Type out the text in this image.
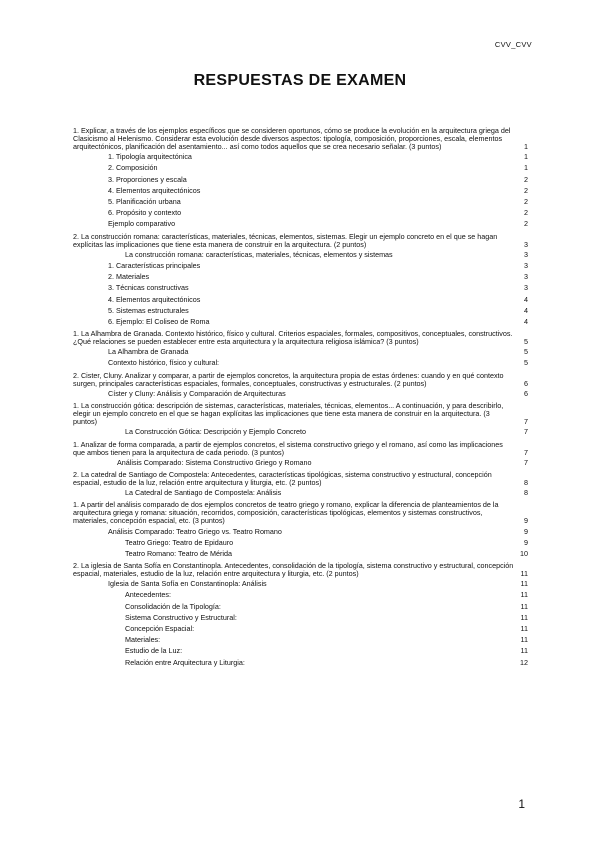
CVV_CVV
RESPUESTAS DE EXAMEN
1. Explicar, a través de los ejemplos específicos que se consideren oportunos, cómo se produce la evolución en la arquitectura griega del Clasicismo al Helenismo. Considerar esta evolución desde diversos aspectos: tipología, composición, proporciones, escala, elementos arquitectónicos, planificación del asentamiento... así como todos aquellos que se crea necesario señalar. (3 puntos)	1
1. Tipología arquitectónica	1
2. Composición	1
3. Proporciones y escala	2
4. Elementos arquitectónicos	2
5. Planificación urbana	2
6. Propósito y contexto	2
Ejemplo comparativo	2
2. La construcción romana: características, materiales, técnicas, elementos, sistemas. Elegir un ejemplo concreto en el que se hagan explícitas las implicaciones que tiene esta manera de construir en la arquitectura. (2 puntos)	3
La construcción romana: características, materiales, técnicas, elementos y sistemas	3
1. Características principales	3
2. Materiales	3
3. Técnicas constructivas	3
4. Elementos arquitectónicos	4
5. Sistemas estructurales	4
6. Ejemplo: El Coliseo de Roma	4
1. La Alhambra de Granada. Contexto histórico, físico y cultural. Criterios espaciales, formales, compositivos, conceptuales, constructivos. ¿Qué relaciones se pueden establecer entre esta arquitectura y la arquitectura religiosa islámica? (3 puntos)	5
La Alhambra de Granada	5
Contexto histórico, físico y cultural:	5
2. Cister, Cluny. Analizar y comparar, a partir de ejemplos concretos, la arquitectura propia de estas órdenes: cuando y en qué contexto surgen, principales características espaciales, formales, conceptuales, constructivas y estructurales. (2 puntos)	6
Císter y Cluny: Análisis y Comparación de Arquitecturas	6
1. La construcción gótica: descripción de sistemas, características, materiales, técnicas, elementos... A continuación, y para describirlo, elegir un ejemplo concreto en el que se hagan explícitas las implicaciones que tiene esta manera de construir en la arquitectura. (3 puntos)	7
La Construcción Gótica: Descripción y Ejemplo Concreto	7
1. Analizar de forma comparada, a partir de ejemplos concretos, el sistema constructivo griego y el romano, así como las implicaciones que ambos tienen para la arquitectura de cada periodo. (3 puntos)	7
Análisis Comparado: Sistema Constructivo Griego y Romano	7
2. La catedral de Santiago de Compostela: Antecedentes, características tipológicas, sistema constructivo y estructural, concepción espacial, estudio de la luz, relación entre arquitectura y liturgia, etc. (2 puntos)	8
La Catedral de Santiago de Compostela: Análisis	8
1. A partir del análisis comparado de dos ejemplos concretos de teatro griego y romano, explicar la diferencia de planteamientos de la arquitectura griega y romana: situación, recorridos, composición, características tipológicas, elementos y sistemas constructivos, materiales, concepción espacial, etc. (3 puntos)	9
Análisis Comparado: Teatro Griego vs. Teatro Romano	9
Teatro Griego: Teatro de Epidauro	9
Teatro Romano: Teatro de Mérida	10
2. La iglesia de Santa Sofía en Constantinopla. Antecedentes, consolidación de la tipología, sistema constructivo y estructural, concepción espacial, materiales, estudio de la luz, relación entre arquitectura y liturgia, etc. (2 puntos)	11
Iglesia de Santa Sofía en Constantinopla: Análisis	11
Antecedentes:	11
Consolidación de la Tipología:	11
Sistema Constructivo y Estructural:	11
Concepción Espacial:	11
Materiales:	11
Estudio de la Luz:	11
Relación entre Arquitectura y Liturgia:	12
1
